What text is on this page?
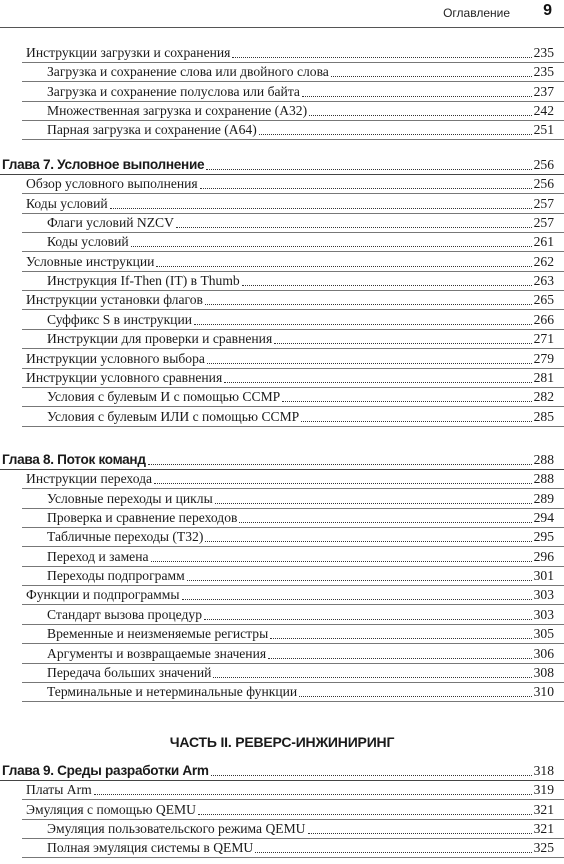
Оглавление 9
ЧАСТЬ II. РЕВЕРС-ИНЖИНИРИНГ
Инструкции загрузки и сохранения	235
Загрузка и сохранение слова или двойного слова	235
Загрузка и сохранение полуслова или байта	237
Множественная загрузка и сохранение (A32)	242
Парная загрузка и сохранение (A64)	251
Глава 7. Условное выполнение	256
Обзор условного выполнения	256
Коды условий	257
Флаги условий NZCV	257
Коды условий	261
Условные инструкции	262
Инструкция If-Then (IT) в Thumb	263
Инструкции установки флагов	265
Суффикс S в инструкции	266
Инструкции для проверки и сравнения	271
Инструкции условного выбора	279
Инструкции условного сравнения	281
Условия с булевым И с помощью CCMP	282
Условия с булевым ИЛИ с помощью CCMP	285
Глава 8. Поток команд	288
Инструкции перехода	288
Условные переходы и циклы	289
Проверка и сравнение переходов	294
Табличные переходы (T32)	295
Переход и замена	296
Переходы подпрограмм	301
Функции и подпрограммы	303
Стандарт вызова процедур	303
Временные и неизменяемые регистры	305
Аргументы и возвращаемые значения	306
Передача больших значений	308
Терминальные и нетерминальные функции	310
Глава 9. Среды разработки Arm	318
Платы Arm	319
Эмуляция с помощью QEMU	321
Эмуляция пользовательского режима QEMU	321
Полная эмуляция системы в QEMU	325
